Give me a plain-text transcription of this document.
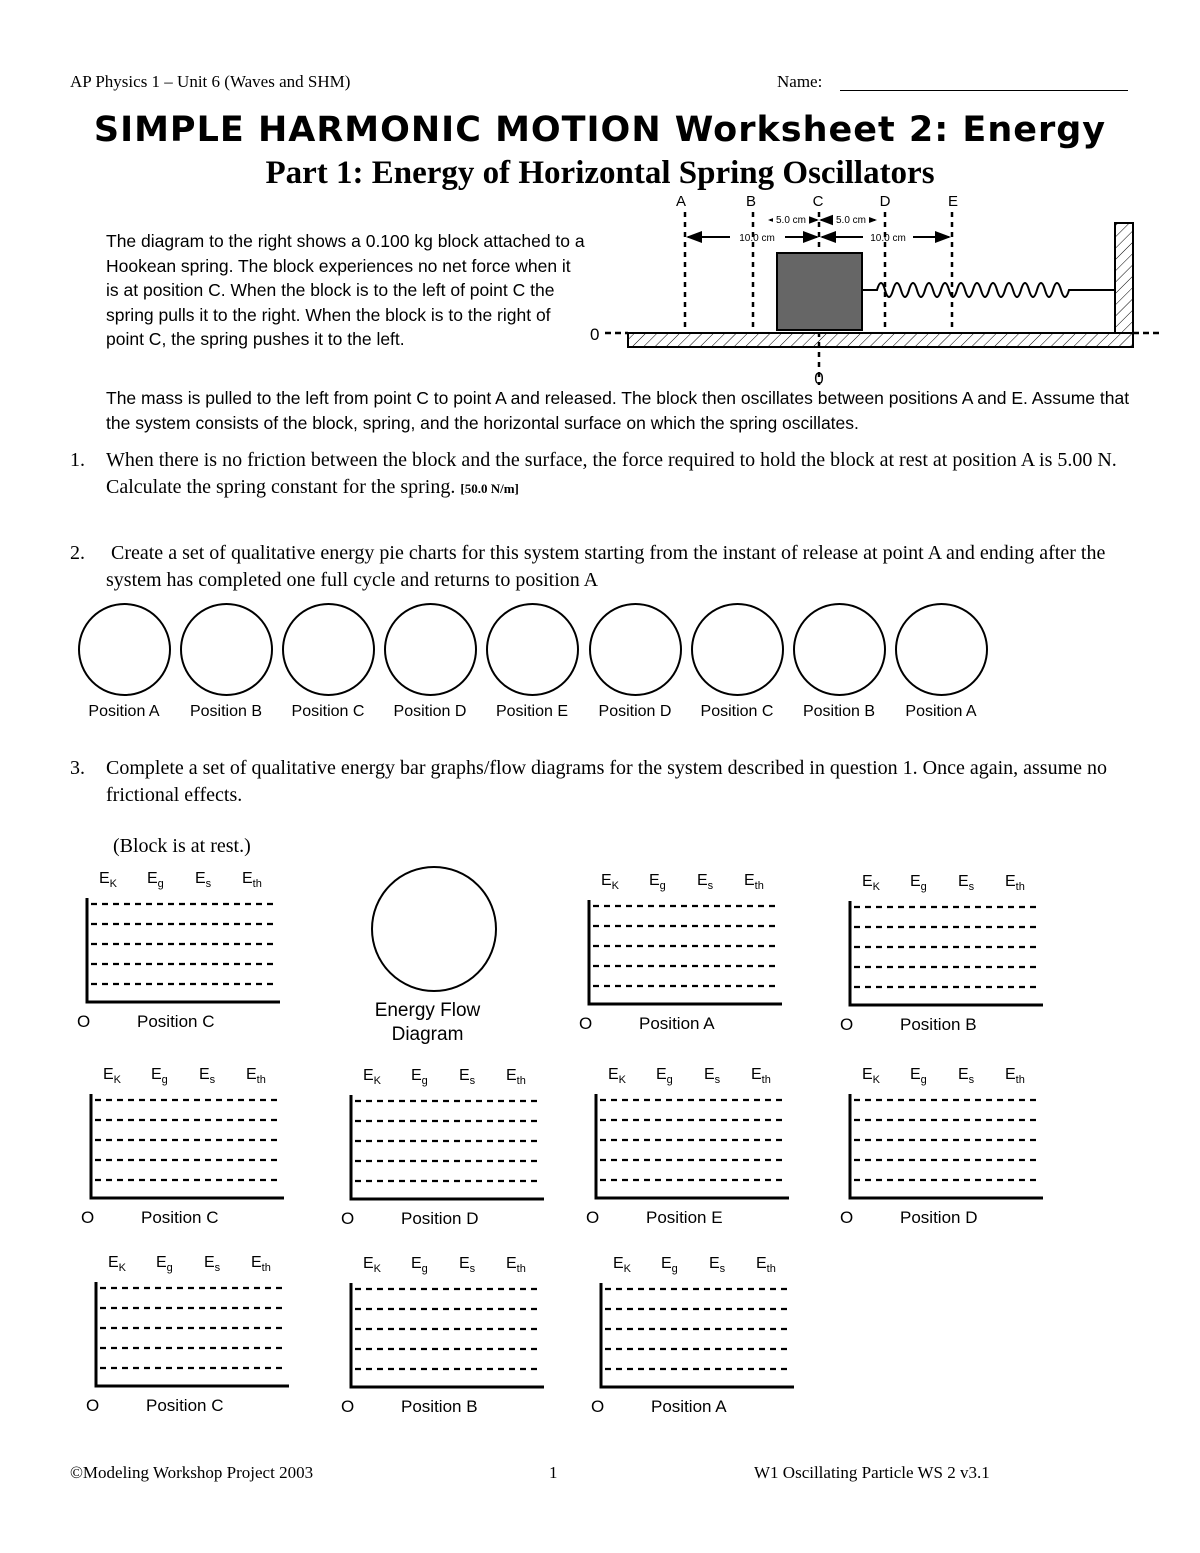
AP Physics 1 – Unit 6 (Waves and SHM)	Name:
SIMPLE HARMONIC MOTION Worksheet 2: Energy
Part 1: Energy of Horizontal Spring Oscillators
The diagram to the right shows a 0.100 kg block attached to a Hookean spring. The block experiences no net force when it is at position C. When the block is to the left of point C the spring pulls it to the right. When the block is to the right of point C, the spring pushes it to the left.
A	B	C	D	E
5.0 cm	5.0 cm
10.0 cm	10.0 cm
0
0
The mass is pulled to the left from point C to point A and released. The block then oscillates between positions A and E. Assume that the system consists of the block, spring, and the horizontal surface on which the spring oscillates.
1. When there is no friction between the block and the surface, the force required to hold the block at rest at position A is 5.00 N. Calculate the spring constant for the spring. [50.0 N/m]
2. Create a set of qualitative energy pie charts for this system starting from the instant of release at point A and ending after the system has completed one full cycle and returns to position A
Position A	Position B	Position C	Position D	Position E	Position D	Position C	Position B	Position A
3. Complete a set of qualitative energy bar graphs/flow diagrams for the system described in question 1. Once again, assume no frictional effects.
(Block is at rest.)
Energy Flow
Diagram
$E_K$ $E_g$ $E_s$ $E_{th}$
O	Position C
$E_K$ $E_g$ $E_s$ $E_{th}$
O	Position A
$E_K$ $E_g$ $E_s$ $E_{th}$
O	Position B
$E_K$ $E_g$ $E_s$ $E_{th}$
O	Position C
$E_K$ $E_g$ $E_s$ $E_{th}$
O	Position D
$E_K$ $E_g$ $E_s$ $E_{th}$
O	Position E
$E_K$ $E_g$ $E_s$ $E_{th}$
O	Position D
$E_K$ $E_g$ $E_s$ $E_{th}$
O	Position C
$E_K$ $E_g$ $E_s$ $E_{th}$
O	Position B
$E_K$ $E_g$ $E_s$ $E_{th}$
O	Position A
©Modeling Workshop Project 2003	1	W1 Oscillating Particle WS 2 v3.1
